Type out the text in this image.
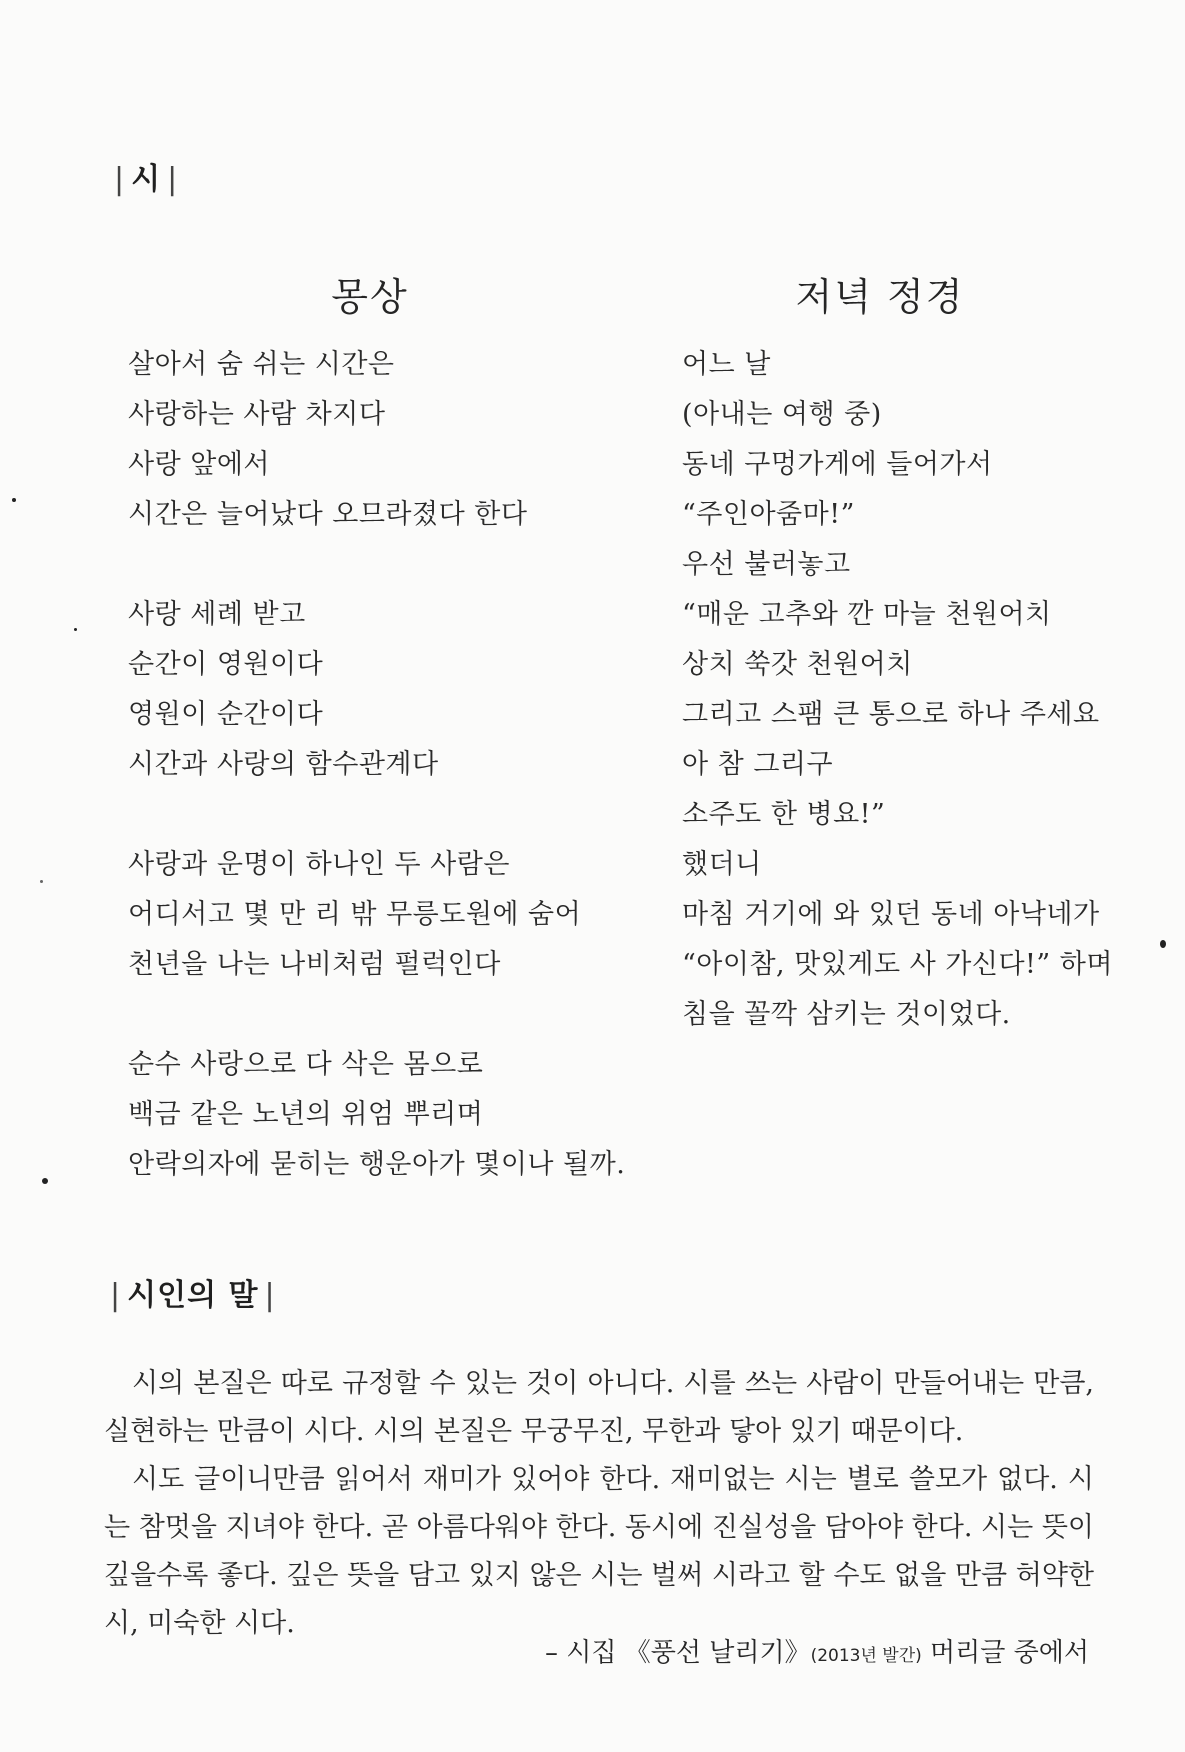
| 시 |
몽상	저녁 정경
살아서 숨 쉬는 시간은
사랑하는 사람 차지다
사랑 앞에서
시간은 늘어났다 오므라졌다 한다
사랑 세례 받고
순간이 영원이다
영원이 순간이다
시간과 사랑의 함수관계다
사랑과 운명이 하나인 두 사람은
어디서고 몇 만 리 밖 무릉도원에 숨어
천년을 나는 나비처럼 펄럭인다
순수 사랑으로 다 삭은 몸으로
백금 같은 노년의 위엄 뿌리며
안락의자에 묻히는 행운아가 몇이나 될까.
어느 날
(아내는 여행 중)
동네 구멍가게에 들어가서
“주인아줌마!”
우선 불러놓고
“매운 고추와 깐 마늘 천원어치
상치 쑥갓 천원어치
그리고 스팸 큰 통으로 하나 주세요
아 참 그리구
소주도 한 병요!”
했더니
마침 거기에 와 있던 동네 아낙네가
“아이참, 맛있게도 사 가신다!” 하며
침을 꼴깍 삼키는 것이었다.
| 시인의 말 |

시의 본질은 따로 규정할 수 있는 것이 아니다. 시를 쓰는 사람이 만들어내는 만큼, 실현하는 만큼이 시다. 시의 본질은 무궁무진, 무한과 닿아 있기 때문이다.

시도 글이니만큼 읽어서 재미가 있어야 한다. 재미없는 시는 별로 쓸모가 없다. 시는 참멋을 지녀야 한다. 곧 아름다워야 한다. 동시에 진실성을 담아야 한다. 시는 뜻이 깊을수록 좋다. 깊은 뜻을 담고 있지 않은 시는 벌써 시라고 할 수도 없을 만큼 허약한 시, 미숙한 시다.

– 시집 《풍선 날리기》(2013년 발간) 머리글 중에서
